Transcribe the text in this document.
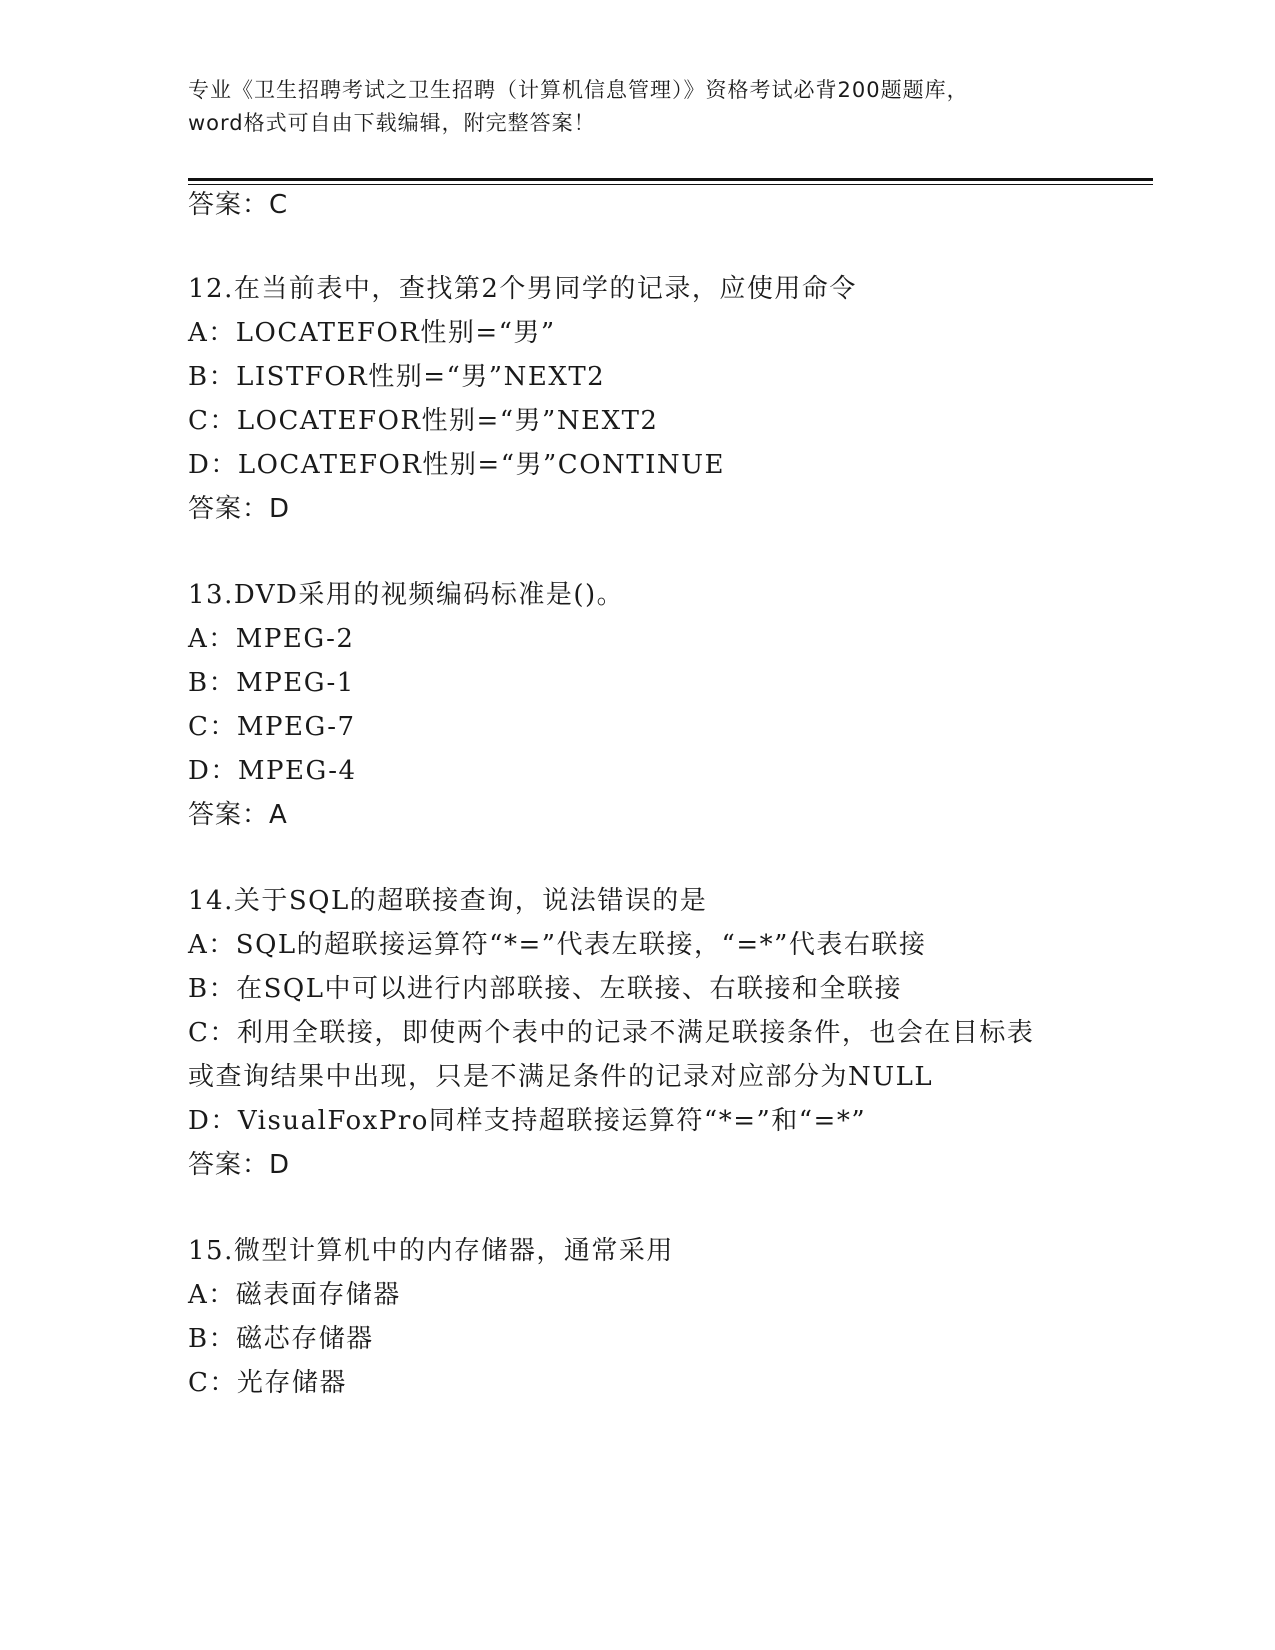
专业《卫生招聘考试之卫生招聘（计算机信息管理）》资格考试必背200题题库，
word格式可自由下载编辑，附完整答案！
答案：C
12.在当前表中，查找第2个男同学的记录，应使用命令
A：LOCATEFOR性别=“男”
B：LISTFOR性别=“男”NEXT2
C：LOCATEFOR性别=“男”NEXT2
D：LOCATEFOR性别=“男”CONTINUE
答案：D
13.DVD采用的视频编码标准是()。
A：MPEG-2
B：MPEG-1
C：MPEG-7
D：MPEG-4
答案：A
14.关于SQL的超联接查询，说法错误的是
A：SQL的超联接运算符“*=”代表左联接，“=*”代表右联接
B：在SQL中可以进行内部联接、左联接、右联接和全联接
C：利用全联接，即使两个表中的记录不满足联接条件，也会在目标表
或查询结果中出现，只是不满足条件的记录对应部分为NULL
D：VisualFoxPro同样支持超联接运算符“*=”和“=*”
答案：D
15.微型计算机中的内存储器，通常采用
A：磁表面存储器
B：磁芯存储器
C：光存储器
